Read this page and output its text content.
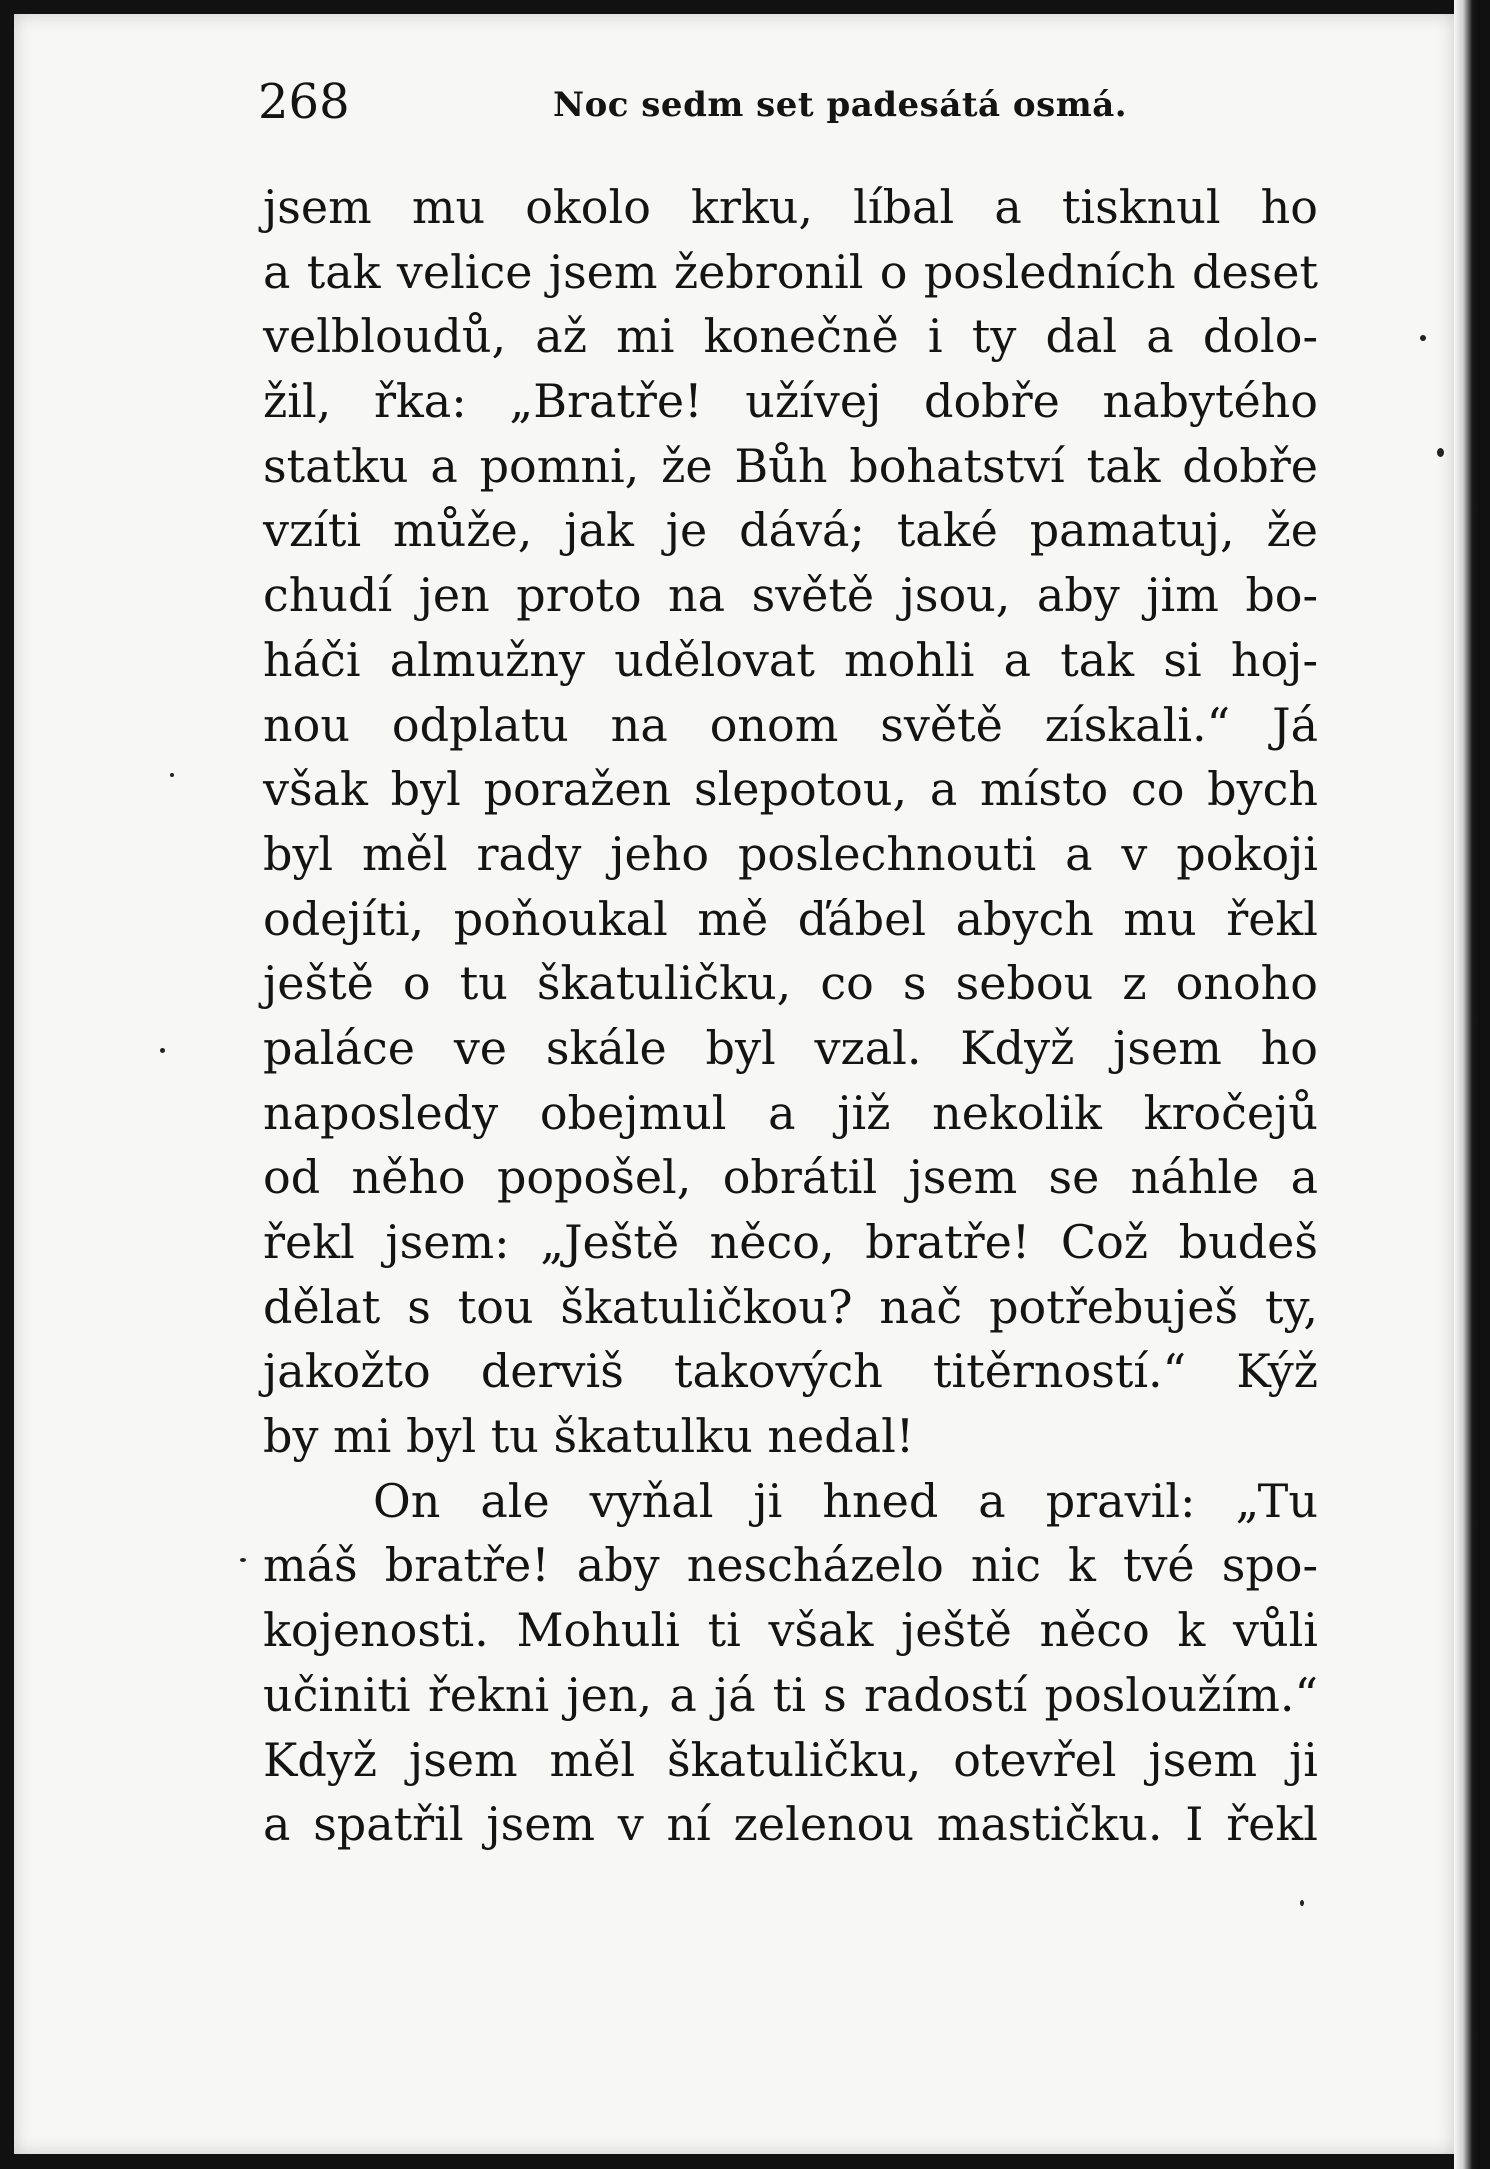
268	Noc sedm set padesátá osmá.
jsem mu okolo krku, líbal a tisknul ho
a tak velice jsem žebronil o posledních deset
velbloudů, až mi konečně i ty dal a dolo-
žil, řka: „Bratře! užívej dobře nabytého
statku a pomni, že Bůh bohatství tak dobře
vzíti může, jak je dává; také pamatuj, že
chudí jen proto na světě jsou, aby jim bo-
háči almužny udělovat mohli a tak si hoj-
nou odplatu na onom světě získali.“ Já
však byl poražen slepotou, a místo co bych
byl měl rady jeho poslechnouti a v pokoji
odejíti, poňoukal mě ďábel abych mu řekl
ještě o tu škatuličku, co s sebou z onoho
paláce ve skále byl vzal. Když jsem ho
naposledy obejmul a již nekolik kročejů
od něho popošel, obrátil jsem se náhle a
řekl jsem: „Ještě něco, bratře! Což budeš
dělat s tou škatuličkou? nač potřebuješ ty,
jakožto derviš takových titěrností.“ Kýž
by mi byl tu škatulku nedal!
On ale vyňal ji hned a pravil: „Tu
máš bratře! aby nescházelo nic k tvé spo-
kojenosti. Mohuli ti však ještě něco k vůli
učiniti řekni jen, a já ti s radostí posloužím.“
Když jsem měl škatuličku, otevřel jsem ji
a spatřil jsem v ní zelenou mastičku. I řekl
